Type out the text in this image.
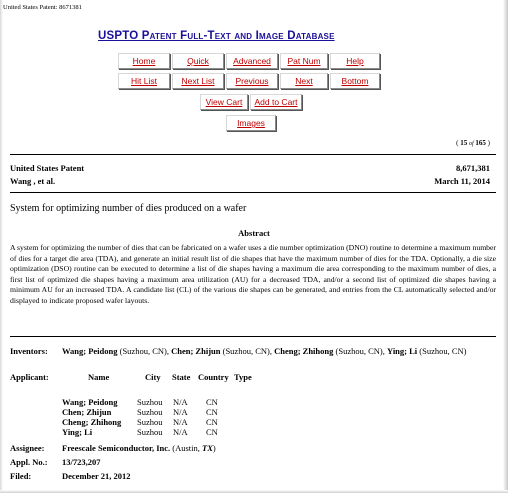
United States Patent: 8671381
USPTO Patent Full-Text and Image Database
Home	Quick	Advanced	Pat Num	Help
Hit List	Next List	Previous	Next	Bottom
View Cart	Add to Cart
Images
( 15 of 165 )
United States Patent
Wang , et al.
8,671,381
March 11, 2014
System for optimizing number of dies produced on a wafer
Abstract
A system for optimizing the number of dies that can be fabricated on a wafer uses a die number optimization (DNO) routine to determine a maximum number of dies for a target die area (TDA), and generate an initial result list of die shapes that have the maximum number of dies for the TDA. Optionally, a die size optimization (DSO) routine can be executed to determine a list of die shapes having a maximum die area corresponding to the maximum number of dies, a first list of optimized die shapes having a maximum area utilization (AU) for a decreased TDA, and/or a second list of optimized die shapes having a minimum AU for an increased TDA. A candidate list (CL) of the various die shapes can be generated, and entries from the CL automatically selected and/or displayed to indicate proposed wafer layouts.
Inventors: Wang; Peidong (Suzhou, CN), Chen; Zhijun (Suzhou, CN), Cheng; Zhihong (Suzhou, CN), Ying; Li (Suzhou, CN)
Applicant:	Name	City State Country Type
Wang; Peidong Suzhou N/A CN
Chen; Zhijun	Suzhou N/A CN
Cheng; Zhihong Suzhou N/A CN
Ying; Li	Suzhou N/A CN
Assignee: Freescale Semiconductor, Inc. (Austin, TX)
Appl. No.: 13/723,207
Filed:	December 21, 2012
